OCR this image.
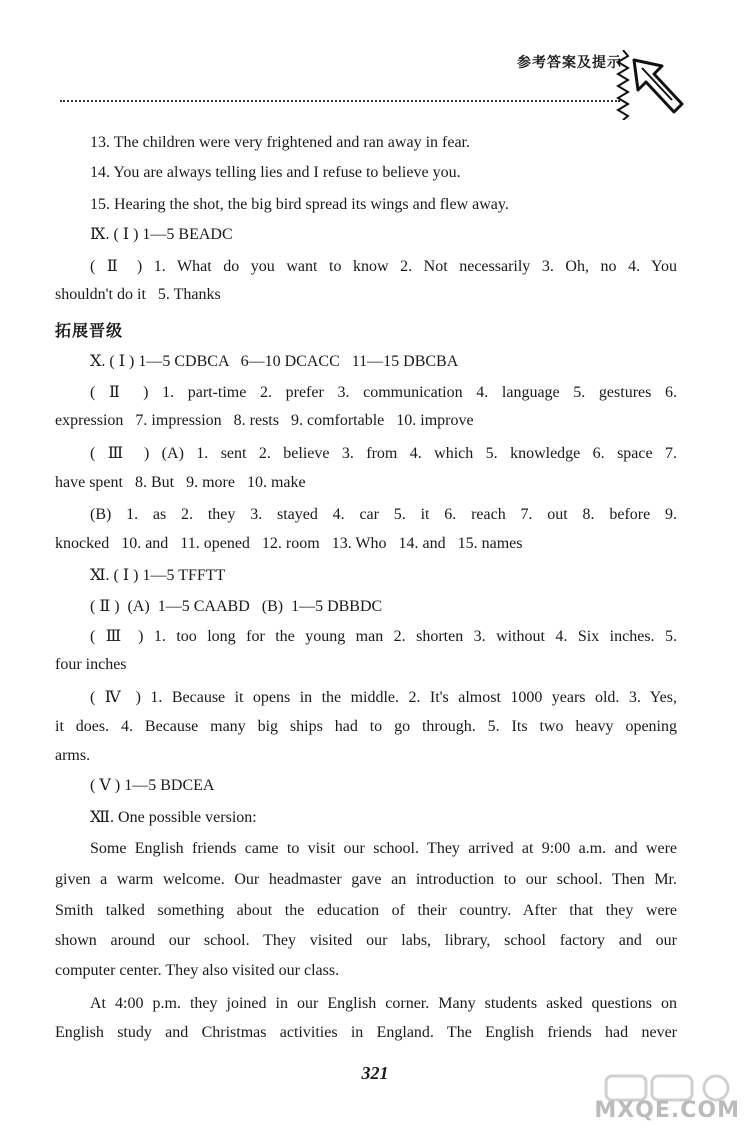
参考答案及提示
13. The children were very frightened and ran away in fear.
14. You are always telling lies and I refuse to believe you.
15. Hearing the shot, the big bird spread its wings and flew away.
Ⅸ. ( Ⅰ ) 1—5 BEADC
( Ⅱ ) 1. What do you want to know 2. Not necessarily 3. Oh, no 4. You
shouldn't do it   5. Thanks
Ⅹ. ( Ⅰ ) 1—5 CDBCA   6—10 DCACC   11—15 DBCBA
( Ⅱ ) 1. part-time 2. prefer 3. communication 4. language 5. gestures 6.
expression   7. impression   8. rests   9. comfortable   10. improve
( Ⅲ ) (A) 1. sent 2. believe 3. from 4. which 5. knowledge 6. space 7.
have spent   8. But   9. more   10. make
(B) 1. as 2. they 3. stayed 4. car 5. it 6. reach 7. out 8. before 9.
knocked   10. and   11. opened   12. room   13. Who   14. and   15. names
Ⅺ. ( Ⅰ ) 1—5 TFFTT
( Ⅱ )  (A)  1—5 CAABD   (B)  1—5 DBBDC
( Ⅲ ) 1. too long for the young man 2. shorten 3. without 4. Six inches. 5.
four inches
( Ⅳ ) 1. Because it opens in the middle. 2. It's almost 1000 years old. 3. Yes,
it does. 4. Because many big ships had to go through. 5. Its two heavy opening
arms.
( Ⅴ ) 1—5 BDCEA
Ⅻ. One possible version:
Some English friends came to visit our school. They arrived at 9:00 a.m. and were
given a warm welcome. Our headmaster gave an introduction to our school. Then Mr.
Smith talked something about the education of their country. After that they were
shown around our school. They visited our labs, library, school factory and our
computer center. They also visited our class.
At 4:00 p.m. they joined in our English corner. Many students asked questions on
English study and Christmas activities in England. The English friends had never
拓展晋级
321
MXQE.COM
